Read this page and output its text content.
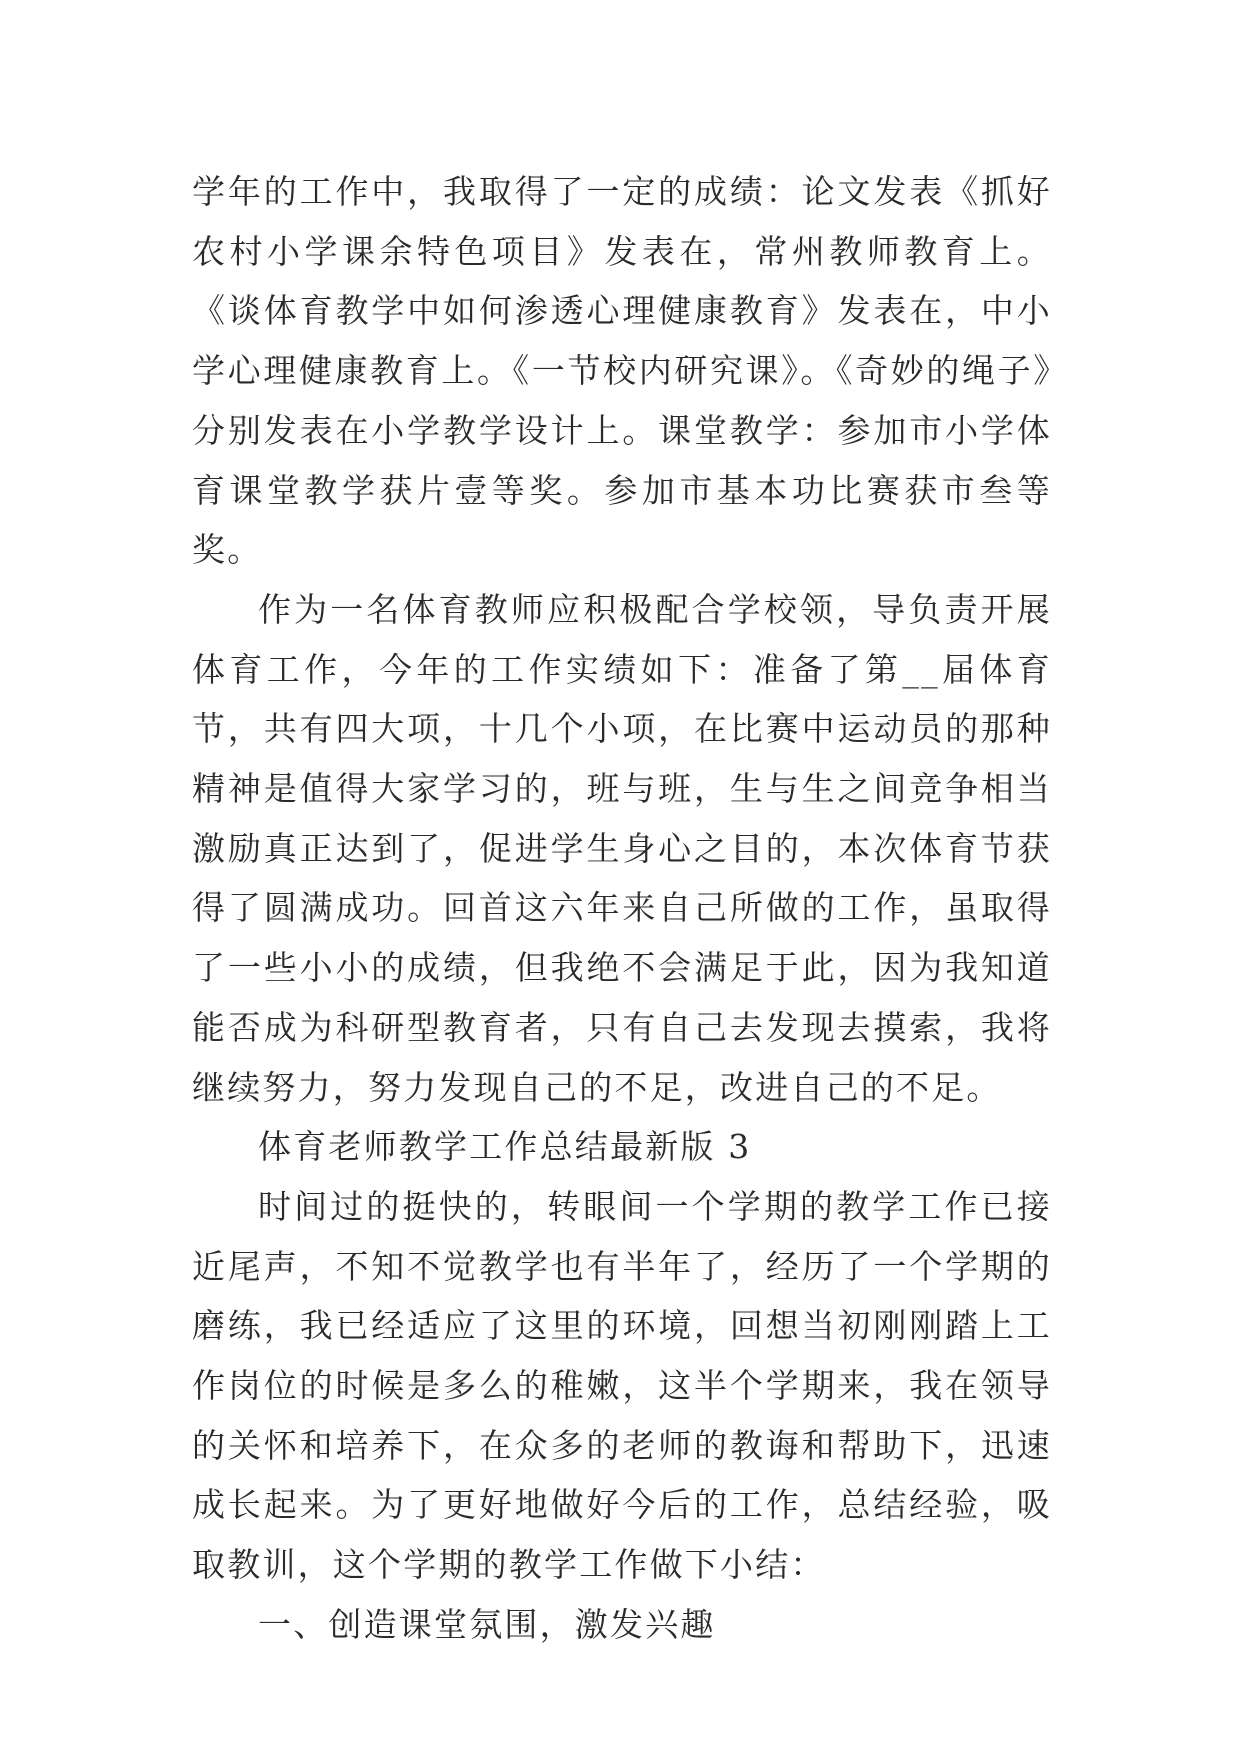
学年的工作中，我取得了一定的成绩：论文发表《抓好农村小学课余特色项目》发表在，常州教师教育上。《谈体育教学中如何渗透心理健康教育》发表在，中小学心理健康教育上。《一节校内研究课》。《奇妙的绳子》分别发表在小学教学设计上。课堂教学：参加市小学体育课堂教学获片壹等奖。参加市基本功比赛获市叁等奖。

作为一名体育教师应积极配合学校领，导负责开展体育工作，今年的工作实绩如下：准备了第__届体育节，共有四大项，十几个小项，在比赛中运动员的那种精神是值得大家学习的，班与班，生与生之间竞争相当激励真正达到了，促进学生身心之目的，本次体育节获得了圆满成功。回首这六年来自己所做的工作，虽取得了一些小小的成绩，但我绝不会满足于此，因为我知道能否成为科研型教育者，只有自己去发现去摸索，我将继续努力，努力发现自己的不足，改进自己的不足。

体育老师教学工作总结最新版 3

时间过的挺快的，转眼间一个学期的教学工作已接近尾声，不知不觉教学也有半年了，经历了一个学期的磨练，我已经适应了这里的环境，回想当初刚刚踏上工作岗位的时候是多么的稚嫩，这半个学期来，我在领导的关怀和培养下，在众多的老师的教诲和帮助下，迅速成长起来。为了更好地做好今后的工作，总结经验，吸取教训，这个学期的教学工作做下小结：

一、创造课堂氛围，激发兴趣
